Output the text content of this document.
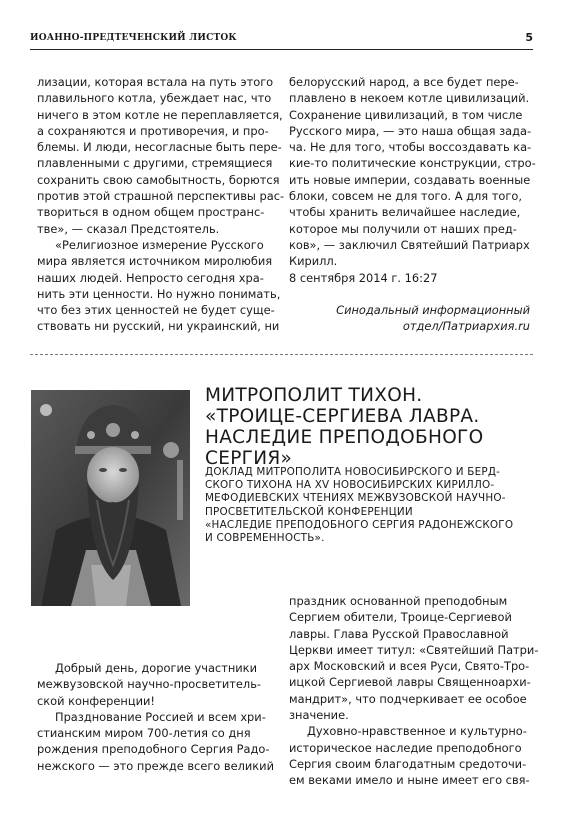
ИОАННО-ПРЕДТЕЧЕНСКИЙ ЛИСТОК	5

лизации, которая встала на путь этого
плавильного котла, убеждает нас, что
ничего в этом котле не переплавляется,
а сохраняются и противоречия, и про-
блемы. И люди, несогласные быть пере-
плавленными с другими, стремящиеся
сохранить свою самобытность, борются
против этой страшной перспективы рас-
твориться в одном общем пространс-
тве», — сказал Предстоятель.

«Религиозное измерение Русского
мира является источником миролюбия
наших людей. Непросто сегодня хра-
нить эти ценности. Но нужно понимать,
что без этих ценностей не будет суще-
ствовать ни русский, ни украинский, ни

белорусский народ, а все будет пере-
плавлено в некоем котле цивилизаций.
Сохранение цивилизаций, в том числе
Русского мира, — это наша общая зада-
ча. Не для того, чтобы воссоздавать ка-
кие-то политические конструкции, стро-
ить новые империи, создавать военные
блоки, совсем не для того. А для того,
чтобы хранить величайшее наследие,
которое мы получили от наших пред-
ков», — заключил Святейший Патриарх
Кирилл.

8 сентября 2014 г. 16:27

Синодальный информационный
отдел/Патриархия.ru

МИТРОПОЛИТ ТИХОН.
«ТРОИЦЕ-СЕРГИЕВА ЛАВРА.
НАСЛЕДИЕ ПРЕПОДОБНОГО
СЕРГИЯ»
ДОКЛАД МИТРОПОЛИТА НОВОСИБИРСКОГО И БЕРД-
СКОГО ТИХОНА НА XV НОВОСИБИРСКИХ КИРИЛЛО-
МЕФОДИЕВСКИХ ЧТЕНИЯХ МЕЖВУЗОВСКОЙ НАУЧНО-
ПРОСВЕТИТЕЛЬСКОЙ КОНФЕРЕНЦИИ
«НАСЛЕДИЕ ПРЕПОДОБНОГО СЕРГИЯ РАДОНЕЖСКОГО
И СОВРЕМЕННОСТЬ».

Добрый день, дорогие участники
межвузовской научно-просветитель-
ской конференции!

Празднование Россией и всем хри-
стианским миром 700-летия со дня
рождения преподобного Сергия Радо-
нежского — это прежде всего великий

праздник основанной преподобным
Сергием обители, Троице-Сергиевой
лавры. Глава Русской Православной
Церкви имеет титул: «Святейший Патри-
арх Московский и всея Руси, Свято-Тро-
ицкой Сергиевой лавры Священноархи-
мандрит», что подчеркивает ее особое
значение.

Духовно-нравственное и культурно-
историческое наследие преподобного
Сергия своим благодатным средоточи-
ем веками имело и ныне имеет его свя-
